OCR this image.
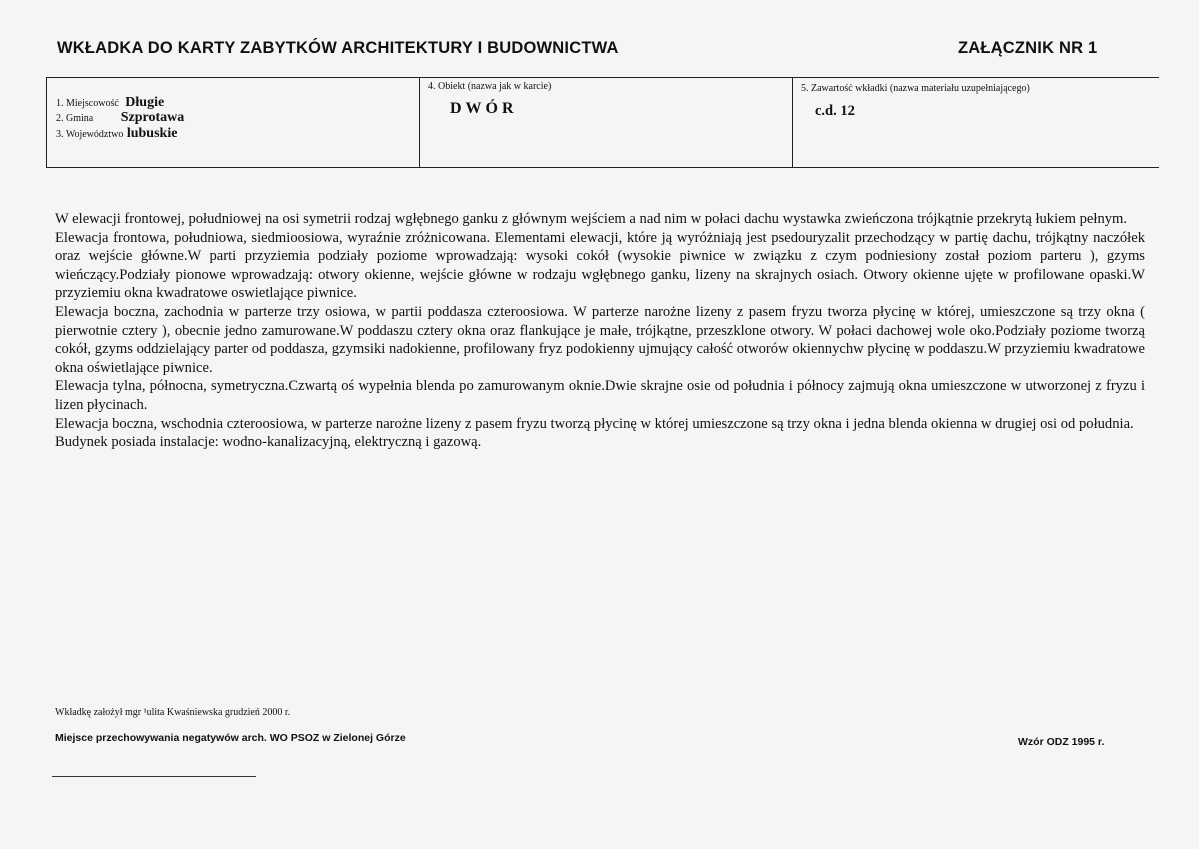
WKŁADKA DO KARTY ZABYTKÓW ARCHITEKTURY I BUDOWNICTWA	ZAŁĄCZNIK NR 1
1. Miejscowość Długie
2. Gmina Szprotawa
3. Województwo lubuskie
4. Obiekt (nazwa jak w karcie)
DWÓR
5. Zawartość wkładki (nazwa materiału uzupełniającego)
c.d. 12

W elewacji frontowej, południowej na osi symetrii rodzaj wgłębnego ganku z głównym wejściem a nad nim w połaci dachu wystawka zwieńczona trójkątnie przekrytą łukiem pełnym.

Elewacja frontowa, południowa, siedmioosiowa, wyraźnie zróżnicowana. Elementami elewacji, które ją wyróżniają jest psedouryzalit przechodzący w partię dachu, trójkątny naczółek oraz wejście główne.W parti przyziemia podziały poziome wprowadzają: wysoki cokół (wysokie piwnice w związku z czym podniesiony został poziom parteru ), gzyms wieńczący.Podziały pionowe wprowadzają: otwory okienne, wejście główne w rodzaju wgłębnego ganku, lizeny na skrajnych osiach. Otwory okienne ujęte w profilowane opaski.W przyziemiu okna kwadratowe oswietlające piwnice.

Elewacja boczna, zachodnia w parterze trzy osiowa, w partii poddasza czteroosiowa. W parterze narożne lizeny z pasem fryzu tworza płycinę w której, umieszczone są trzy okna ( pierwotnie cztery ), obecnie jedno zamurowane.W poddaszu cztery okna oraz flankujące je małe, trójkątne, przeszklone otwory. W połaci dachowej wole oko.Podziały poziome tworzą cokół, gzyms oddzielający parter od poddasza, gzymsiki nadokienne, profilowany fryz podokienny ujmujący całość otworów okiennychw płycinę w poddaszu.W przyziemiu kwadratowe okna oświetlające piwnice.

Elewacja tylna, północna, symetryczna.Czwartą oś wypełnia blenda po zamurowanym oknie.Dwie skrajne osie od południa i północy zajmują okna umieszczone w utworzonej z fryzu i lizen płycinach.

Elewacja boczna, wschodnia czteroosiowa, w parterze narożne lizeny z pasem fryzu tworzą płycinę w której umieszczone są trzy okna i jedna blenda okienna w drugiej osi od południa.

Budynek posiada instalacje: wodno-kanalizacyjną, elektryczną i gazową.

Wkładkę założył mgr ¹ulita Kwaśniewska grudzień 2000 r.
Miejsce przechowywania negatywów arch. WO PSOZ w Zielonej Górze	Wzór ODZ 1995 r.
